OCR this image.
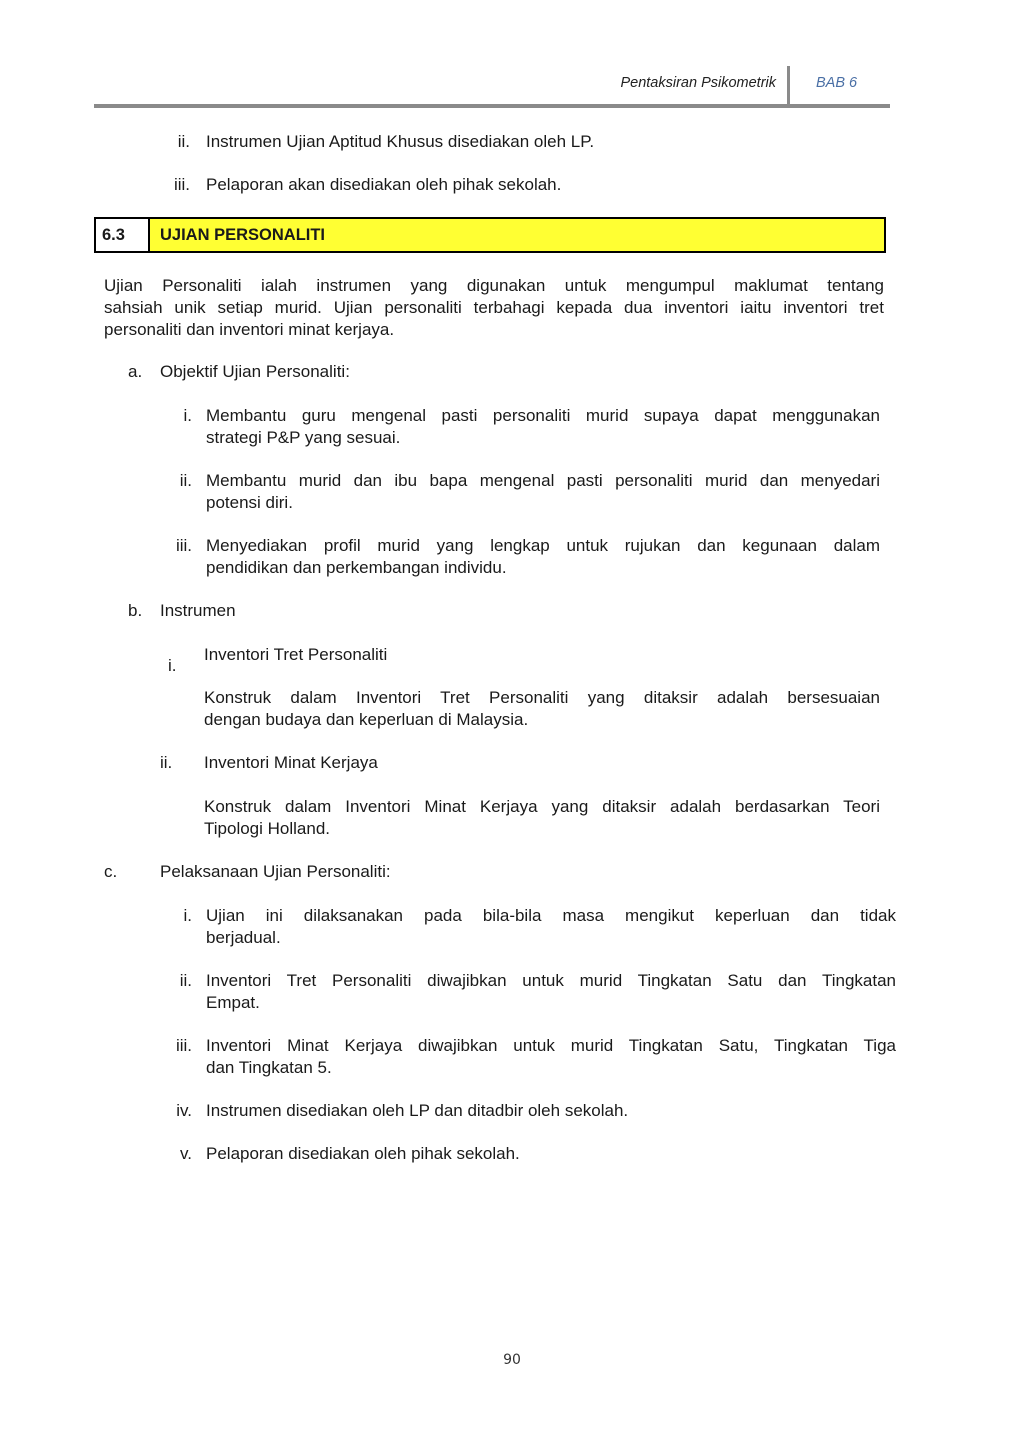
Pentaksiran Psikometrik	BAB 6
ii. Instrumen Ujian Aptitud Khusus disediakan oleh LP.
iii. Pelaporan akan disediakan oleh pihak sekolah.
6.3	UJIAN PERSONALITI
Ujian Personaliti ialah instrumen yang digunakan untuk mengumpul maklumat tentang
sahsiah unik setiap murid. Ujian personaliti terbahagi kepada dua inventori iaitu inventori tret
personaliti dan inventori minat kerjaya.
a. Objektif Ujian Personaliti:
i. Membantu guru mengenal pasti personaliti murid supaya dapat menggunakan
strategi P&P yang sesuai.
ii. Membantu murid dan ibu bapa mengenal pasti personaliti murid dan menyedari
potensi diri.
iii. Menyediakan profil murid yang lengkap untuk rujukan dan kegunaan dalam
pendidikan dan perkembangan individu.
b. Instrumen
i.
Inventori Tret Personaliti
Konstruk dalam Inventori Tret Personaliti yang ditaksir adalah bersesuaian
dengan budaya dan keperluan di Malaysia.
ii. Inventori Minat Kerjaya
Konstruk dalam Inventori Minat Kerjaya yang ditaksir adalah berdasarkan Teori
Tipologi Holland.
c.	Pelaksanaan Ujian Personaliti:
i. Ujian ini dilaksanakan pada bila-bila masa mengikut keperluan dan tidak
berjadual.
ii. Inventori Tret Personaliti diwajibkan untuk murid Tingkatan Satu dan Tingkatan
Empat.
iii. Inventori Minat Kerjaya diwajibkan untuk murid Tingkatan Satu, Tingkatan Tiga
dan Tingkatan 5.
iv. Instrumen disediakan oleh LP dan ditadbir oleh sekolah.
v. Pelaporan disediakan oleh pihak sekolah.
90
